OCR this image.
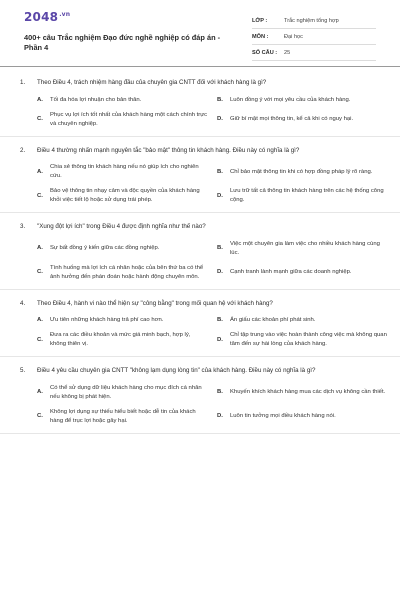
$2048^{.vn}$
400+ câu Trắc nghiệm Đạo đức nghề nghiệp có đáp án - Phần 4
LỚP :	Trắc nghiệm tổng hợp
MÔN :	Đại học
SỐ CÂU :	25
1.	Theo Điều 4, trách nhiệm hàng đầu của chuyên gia CNTT đối với khách hàng là gì?
A.	Tối đa hóa lợi nhuận cho bản thân.	B.	Luôn đồng ý với mọi yêu cầu của khách hàng.
C.
Phục vụ lợi ích tốt nhất của khách hàng một cách chính trực và chuyên nghiệp.
D.	Giữ bí mật mọi thông tin, kể cả khi có nguy hại.
2.	Điều 4 thường nhấn mạnh nguyên tắc "bảo mật" thông tin khách hàng. Điều này có nghĩa là gì?
A.
Chia sẻ thông tin khách hàng nếu nó giúp ích cho nghiên cứu.
B.	Chỉ bảo mật thông tin khi có hợp đồng pháp lý rõ ràng.
C.
Bảo vệ thông tin nhạy cảm và độc quyền của khách hàng khỏi việc tiết lộ hoặc sử dụng trái phép.
D.
Lưu trữ tất cả thông tin khách hàng trên các hệ thống công cộng.
3.	"Xung đột lợi ích" trong Điều 4 được định nghĩa như thế nào?
A.	Sự bất đồng ý kiến giữa các đồng nghiệp.	B.
Việc một chuyên gia làm việc cho nhiều khách hàng cùng lúc.
C.
Tình huống mà lợi ích cá nhân hoặc của bên thứ ba có thể ảnh hưởng đến phán đoán hoặc hành động chuyên môn.
D.	Cạnh tranh lành mạnh giữa các doanh nghiệp.
4.	Theo Điều 4, hành vi nào thể hiện sự "công bằng" trong mối quan hệ với khách hàng?
A.	Ưu tiên những khách hàng trả phí cao hơn.	B.	Ẩn giấu các khoản phí phát sinh.
C.
Đưa ra các điều khoản và mức giá minh bạch, hợp lý, không thiên vị.
D.
Chỉ tập trung vào việc hoàn thành công việc mà không quan tâm đến sự hài lòng của khách hàng.
5.	Điều 4 yêu cầu chuyên gia CNTT "không lạm dụng lòng tin" của khách hàng. Điều này có nghĩa là gì?
A.
Có thể sử dụng dữ liệu khách hàng cho mục đích cá nhân nếu không bị phát hiện.
B.	Khuyến khích khách hàng mua các dịch vụ không cần thiết.
C.
Không lợi dụng sự thiếu hiểu biết hoặc dễ tin của khách hàng để trục lợi hoặc gây hại.
D.	Luôn tin tưởng mọi điều khách hàng nói.
